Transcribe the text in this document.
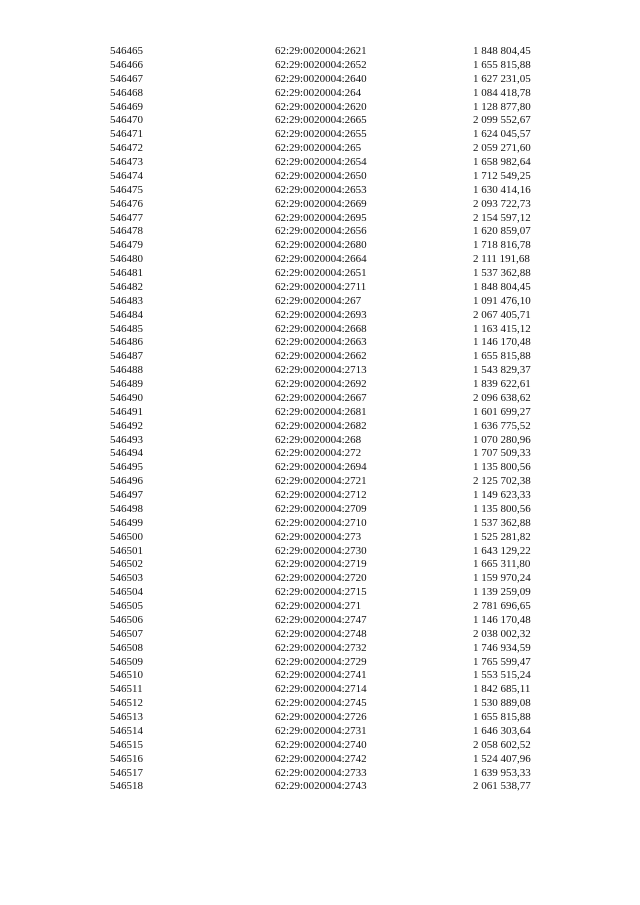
546465	62:29:0020004:2621	1 848 804,45
546466	62:29:0020004:2652	1 655 815,88
546467	62:29:0020004:2640	1 627 231,05
546468	62:29:0020004:264	1 084 418,78
546469	62:29:0020004:2620	1 128 877,80
546470	62:29:0020004:2665	2 099 552,67
546471	62:29:0020004:2655	1 624 045,57
546472	62:29:0020004:265	2 059 271,60
546473	62:29:0020004:2654	1 658 982,64
546474	62:29:0020004:2650	1 712 549,25
546475	62:29:0020004:2653	1 630 414,16
546476	62:29:0020004:2669	2 093 722,73
546477	62:29:0020004:2695	2 154 597,12
546478	62:29:0020004:2656	1 620 859,07
546479	62:29:0020004:2680	1 718 816,78
546480	62:29:0020004:2664	2 111 191,68
546481	62:29:0020004:2651	1 537 362,88
546482	62:29:0020004:2711	1 848 804,45
546483	62:29:0020004:267	1 091 476,10
546484	62:29:0020004:2693	2 067 405,71
546485	62:29:0020004:2668	1 163 415,12
546486	62:29:0020004:2663	1 146 170,48
546487	62:29:0020004:2662	1 655 815,88
546488	62:29:0020004:2713	1 543 829,37
546489	62:29:0020004:2692	1 839 622,61
546490	62:29:0020004:2667	2 096 638,62
546491	62:29:0020004:2681	1 601 699,27
546492	62:29:0020004:2682	1 636 775,52
546493	62:29:0020004:268	1 070 280,96
546494	62:29:0020004:272	1 707 509,33
546495	62:29:0020004:2694	1 135 800,56
546496	62:29:0020004:2721	2 125 702,38
546497	62:29:0020004:2712	1 149 623,33
546498	62:29:0020004:2709	1 135 800,56
546499	62:29:0020004:2710	1 537 362,88
546500	62:29:0020004:273	1 525 281,82
546501	62:29:0020004:2730	1 643 129,22
546502	62:29:0020004:2719	1 665 311,80
546503	62:29:0020004:2720	1 159 970,24
546504	62:29:0020004:2715	1 139 259,09
546505	62:29:0020004:271	2 781 696,65
546506	62:29:0020004:2747	1 146 170,48
546507	62:29:0020004:2748	2 038 002,32
546508	62:29:0020004:2732	1 746 934,59
546509	62:29:0020004:2729	1 765 599,47
546510	62:29:0020004:2741	1 553 515,24
546511	62:29:0020004:2714	1 842 685,11
546512	62:29:0020004:2745	1 530 889,08
546513	62:29:0020004:2726	1 655 815,88
546514	62:29:0020004:2731	1 646 303,64
546515	62:29:0020004:2740	2 058 602,52
546516	62:29:0020004:2742	1 524 407,96
546517	62:29:0020004:2733	1 639 953,33
546518	62:29:0020004:2743	2 061 538,77
